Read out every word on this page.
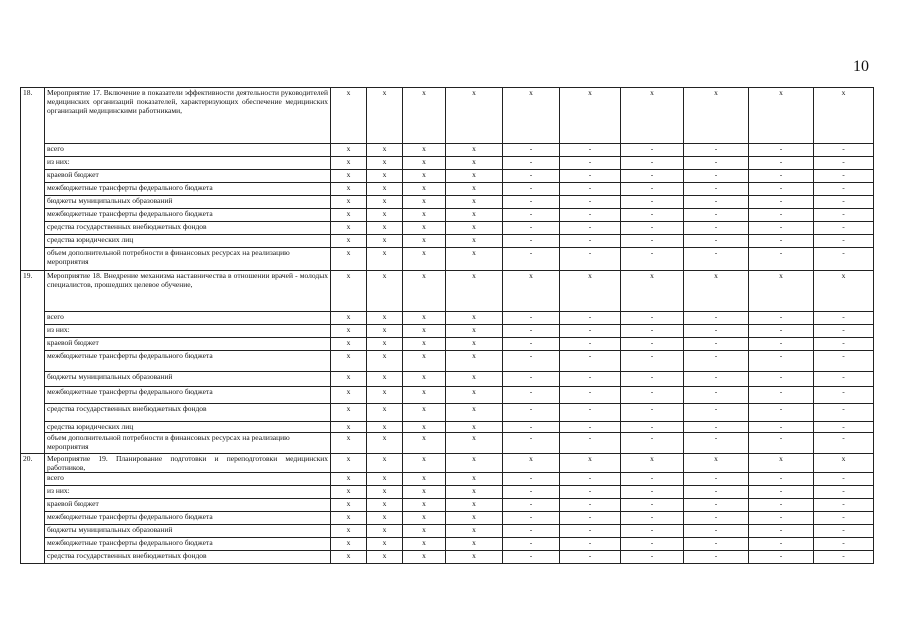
10
18.	Мероприятие 17. Включение в показатели эффективности деятельности руководителей медицинских организаций показателей, характеризующих обеспечение медицинских организаций медицинскими работниками,	x	x	x	x	x	x	x	x	x	x
	всего	x	x	x	x	-	-	-	-	-	-
	из них:	x	x	x	x	-	-	-	-	-	-
	краевой бюджет	x	x	x	x	-	-	-	-	-	-
	межбюджетные трансферты федерального бюджета	x	x	x	x	-	-	-	-	-	-
	бюджеты муниципальных образований	x	x	x	x	-	-	-	-	-	-
	межбюджетные трансферты федерального бюджета	x	x	x	x	-	-	-	-	-	-
	средства государственных внебюджетных фондов	x	x	x	x	-	-	-	-	-	-
	средства юридических лиц	x	x	x	x	-	-	-	-	-	-
	объем дополнительной потребности в финансовых ресурсах на реализацию мероприятия	x	x	x	x	-	-	-	-	-	-
19.	Мероприятие 18. Внедрение механизма наставничества в отношении врачей - молодых специалистов, прошедших целевое обучение,	x	x	x	x	x	x	x	x	x	x
	всего	x	x	x	x	-	-	-	-	-	-
	из них:	x	x	x	x	-	-	-	-	-	-
	краевой бюджет	x	x	x	x	-	-	-	-	-	-
	межбюджетные трансферты федерального бюджета	x	x	x	x	-	-	-	-	-	-
	бюджеты муниципальных образований	x	x	x	x	-	-	-	-	-	-
	межбюджетные трансферты федерального бюджета	x	x	x	x	-	-	-	-	-	-
	средства государственных внебюджетных фондов	x	x	x	x	-	-	-	-	-	-
	средства юридических лиц	x	x	x	x	-	-	-	-	-	-
	объем дополнительной потребности в финансовых ресурсах на реализацию мероприятия	x	x	x	x	-	-	-	-	-	-
20.	Мероприятие 19. Планирование подготовки и переподготовки медицинских работников,	x	x	x	x	x	x	x	x	x	x
	всего	x	x	x	x	-	-	-	-	-	-
	из них:	x	x	x	x	-	-	-	-	-	-
	краевой бюджет	x	x	x	x	-	-	-	-	-	-
	межбюджетные трансферты федерального бюджета	x	x	x	x	-	-	-	-	-	-
	бюджеты муниципальных образований	x	x	x	x	-	-	-	-	-	-
	межбюджетные трансферты федерального бюджета	x	x	x	x	-	-	-	-	-	-
	средства государственных внебюджетных фондов	x	x	x	x	-	-	-	-	-	-
